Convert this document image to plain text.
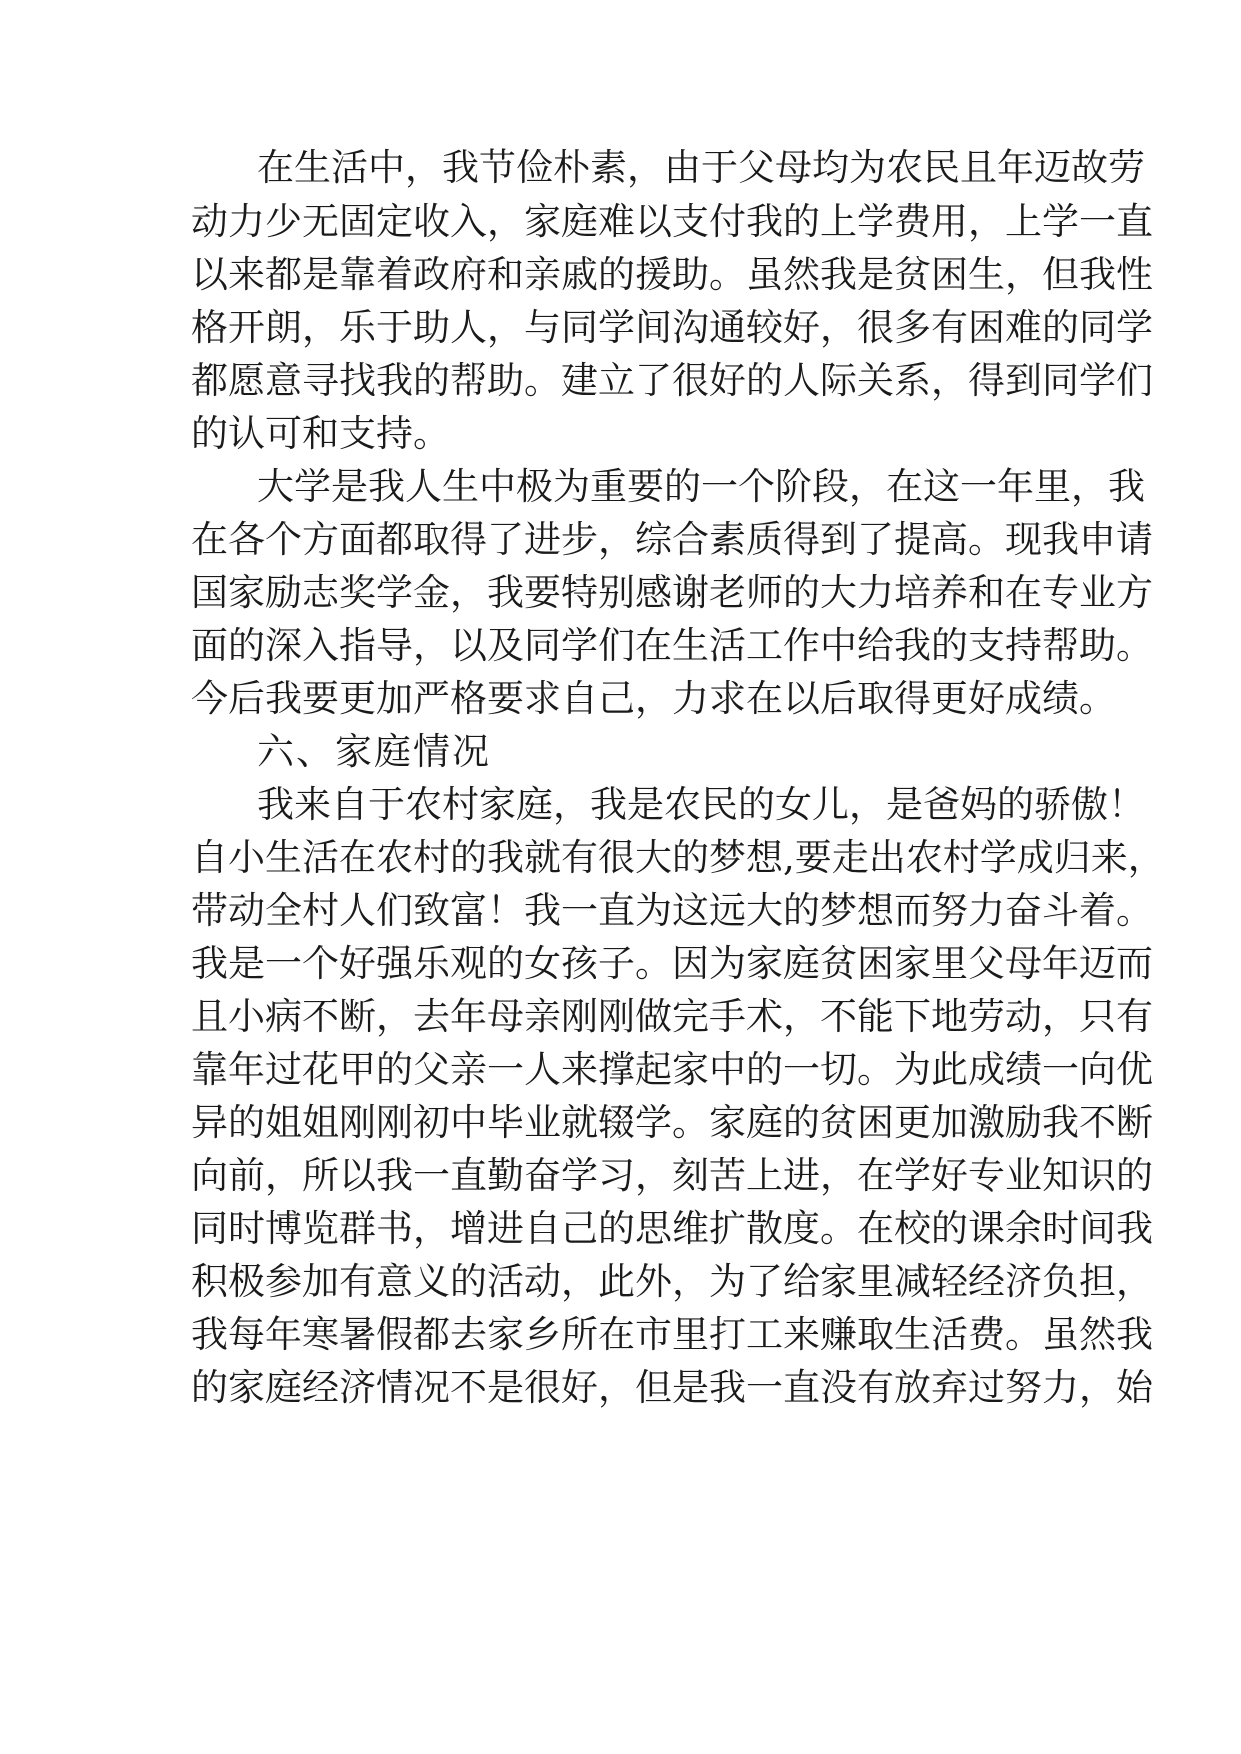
在生活中，我节俭朴素，由于父母均为农民且年迈故劳
动力少无固定收入，家庭难以支付我的上学费用，上学一直
以来都是靠着政府和亲戚的援助。虽然我是贫困生，但我性
格开朗，乐于助人，与同学间沟通较好，很多有困难的同学
都愿意寻找我的帮助。建立了很好的人际关系，得到同学们
的认可和支持。
大学是我人生中极为重要的一个阶段，在这一年里，我
在各个方面都取得了进步，综合素质得到了提高。现我申请
国家励志奖学金，我要特别感谢老师的大力培养和在专业方
面的深入指导，以及同学们在生活工作中给我的支持帮助。
今后我要更加严格要求自己，力求在以后取得更好成绩。
六、家庭情况
我来自于农村家庭，我是农民的女儿，是爸妈的骄傲！
自小生活在农村的我就有很大的梦想,要走出农村学成归来，
带动全村人们致富！我一直为这远大的梦想而努力奋斗着。
我是一个好强乐观的女孩子。因为家庭贫困家里父母年迈而
且小病不断，去年母亲刚刚做完手术，不能下地劳动，只有
靠年过花甲的父亲一人来撑起家中的一切。为此成绩一向优
异的姐姐刚刚初中毕业就辍学。家庭的贫困更加激励我不断
向前，所以我一直勤奋学习，刻苦上进，在学好专业知识的
同时博览群书，增进自己的思维扩散度。在校的课余时间我
积极参加有意义的活动，此外，为了给家里减轻经济负担，
我每年寒暑假都去家乡所在市里打工来赚取生活费。虽然我
的家庭经济情况不是很好，但是我一直没有放弃过努力，始
